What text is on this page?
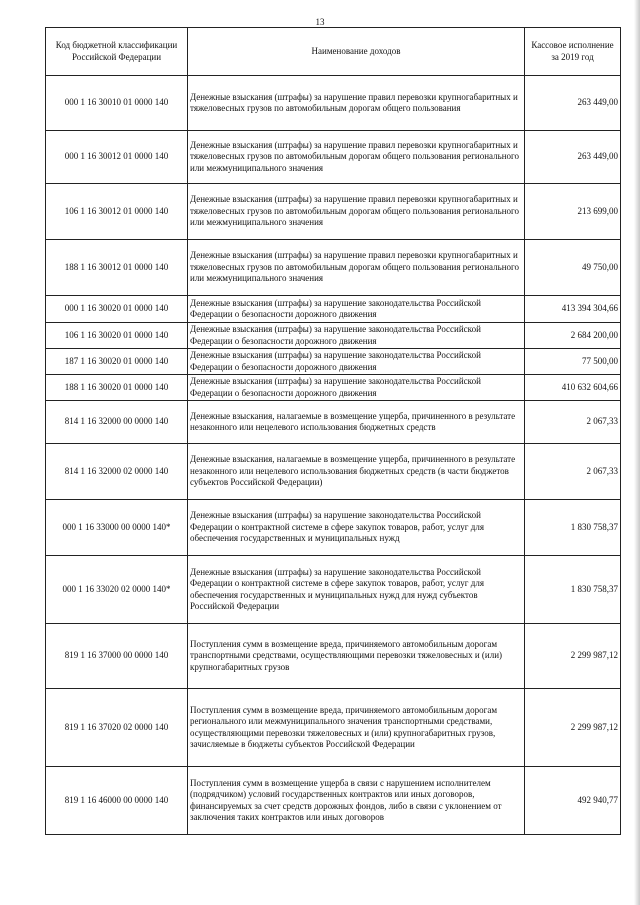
13
Код бюджетной классификации Российской Федерации	Наименование доходов	Кассовое исполнение за 2019 год
000 1 16 30010 01 0000 140	Денежные взыскания (штрафы) за нарушение правил перевозки крупногабаритных и тяжеловесных грузов по автомобильным дорогам общего пользования	263 449,00
000 1 16 30012 01 0000 140	Денежные взыскания (штрафы) за нарушение правил перевозки крупногабаритных и тяжеловесных грузов по автомобильным дорогам общего пользования регионального или межмуниципального значения	263 449,00
106 1 16 30012 01 0000 140	Денежные взыскания (штрафы) за нарушение правил перевозки крупногабаритных и тяжеловесных грузов по автомобильным дорогам общего пользования регионального или межмуниципального значения	213 699,00
188 1 16 30012 01 0000 140	Денежные взыскания (штрафы) за нарушение правил перевозки крупногабаритных и тяжеловесных грузов по автомобильным дорогам общего пользования регионального или межмуниципального значения	49 750,00
000 1 16 30020 01 0000 140	Денежные взыскания (штрафы) за нарушение законодательства Российской Федерации о безопасности дорожного движения	413 394 304,66
106 1 16 30020 01 0000 140	Денежные взыскания (штрафы) за нарушение законодательства Российской Федерации о безопасности дорожного движения	2 684 200,00
187 1 16 30020 01 0000 140	Денежные взыскания (штрафы) за нарушение законодательства Российской Федерации о безопасности дорожного движения	77 500,00
188 1 16 30020 01 0000 140	Денежные взыскания (штрафы) за нарушение законодательства Российской Федерации о безопасности дорожного движения	410 632 604,66
814 1 16 32000 00 0000 140	Денежные взыскания, налагаемые в возмещение ущерба, причиненного в результате незаконного или нецелевого использования бюджетных средств	2 067,33
814 1 16 32000 02 0000 140	Денежные взыскания, налагаемые в возмещение ущерба, причиненного в результате незаконного или нецелевого использования бюджетных средств (в части бюджетов субъектов Российской Федерации)	2 067,33
000 1 16 33000 00 0000 140*	Денежные взыскания (штрафы) за нарушение законодательства Российской Федерации о контрактной системе в сфере закупок товаров, работ, услуг для обеспечения государственных и муниципальных нужд	1 830 758,37
000 1 16 33020 02 0000 140*	Денежные взыскания (штрафы) за нарушение законодательства Российской Федерации о контрактной системе в сфере закупок товаров, работ, услуг для обеспечения государственных и муниципальных нужд для нужд субъектов Российской Федерации	1 830 758,37
819 1 16 37000 00 0000 140	Поступления сумм в возмещение вреда, причиняемого автомобильным дорогам транспортными средствами, осуществляющими перевозки тяжеловесных и (или) крупногабаритных грузов	2 299 987,12
819 1 16 37020 02 0000 140	Поступления сумм в возмещение вреда, причиняемого автомобильным дорогам регионального или межмуниципального значения транспортными средствами, осуществляющими перевозки тяжеловесных и (или) крупногабаритных грузов, зачисляемые в бюджеты субъектов Российской Федерации	2 299 987,12
819 1 16 46000 00 0000 140	Поступления сумм в возмещение ущерба в связи с нарушением исполнителем (подрядчиком) условий государственных контрактов или иных договоров, финансируемых за счет средств дорожных фондов, либо в связи с уклонением от заключения таких контрактов или иных договоров	492 940,77
